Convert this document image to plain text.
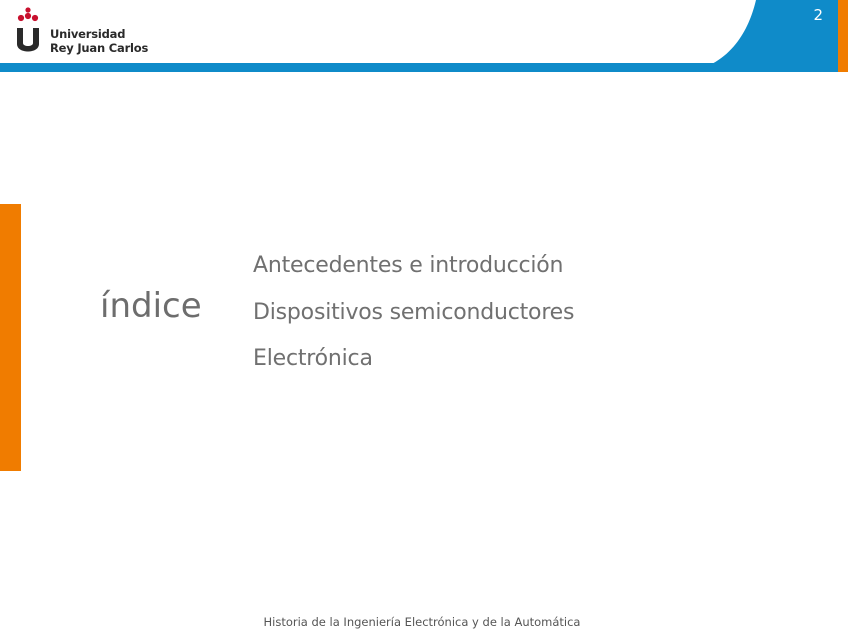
Universidad
Rey Juan Carlos
2
índice
Antecedentes e introducción
Dispositivos semiconductores
Electrónica
Historia de la Ingeniería Electrónica y de la Automática
